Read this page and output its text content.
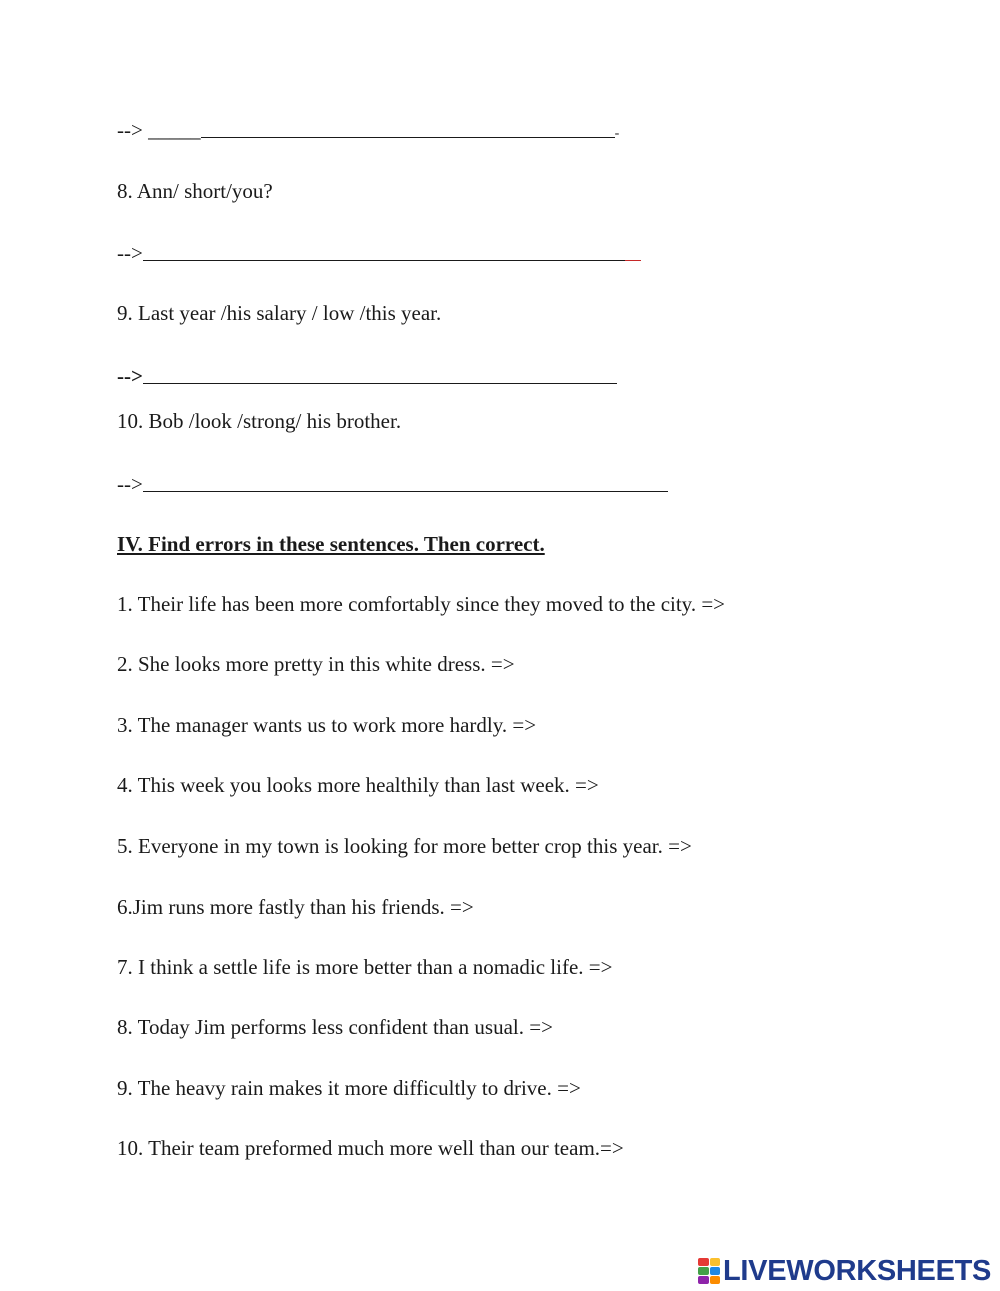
--> _____	-
8. Ann/ short/you?
-->
9. Last year /his salary / low /this year.
-->
10. Bob /look /strong/ his brother.
-->
IV. Find errors in these sentences. Then correct.
1. Their life has been more comfortably since they moved to the city. =>
2. She looks more pretty in this white dress. =>
3. The manager wants us to work more hardly. =>
4. This week you looks more healthily than last week. =>
5. Everyone in my town is looking for more better crop this year. =>
6.Jim runs more fastly than his friends. =>
7. I think a settle life is more better than a nomadic life. =>
8. Today Jim performs less confident than usual. =>
9. The heavy rain makes it more difficultly to drive. =>
10. Their team preformed much more well than our team.=>
LIVEWORKSHEETS
